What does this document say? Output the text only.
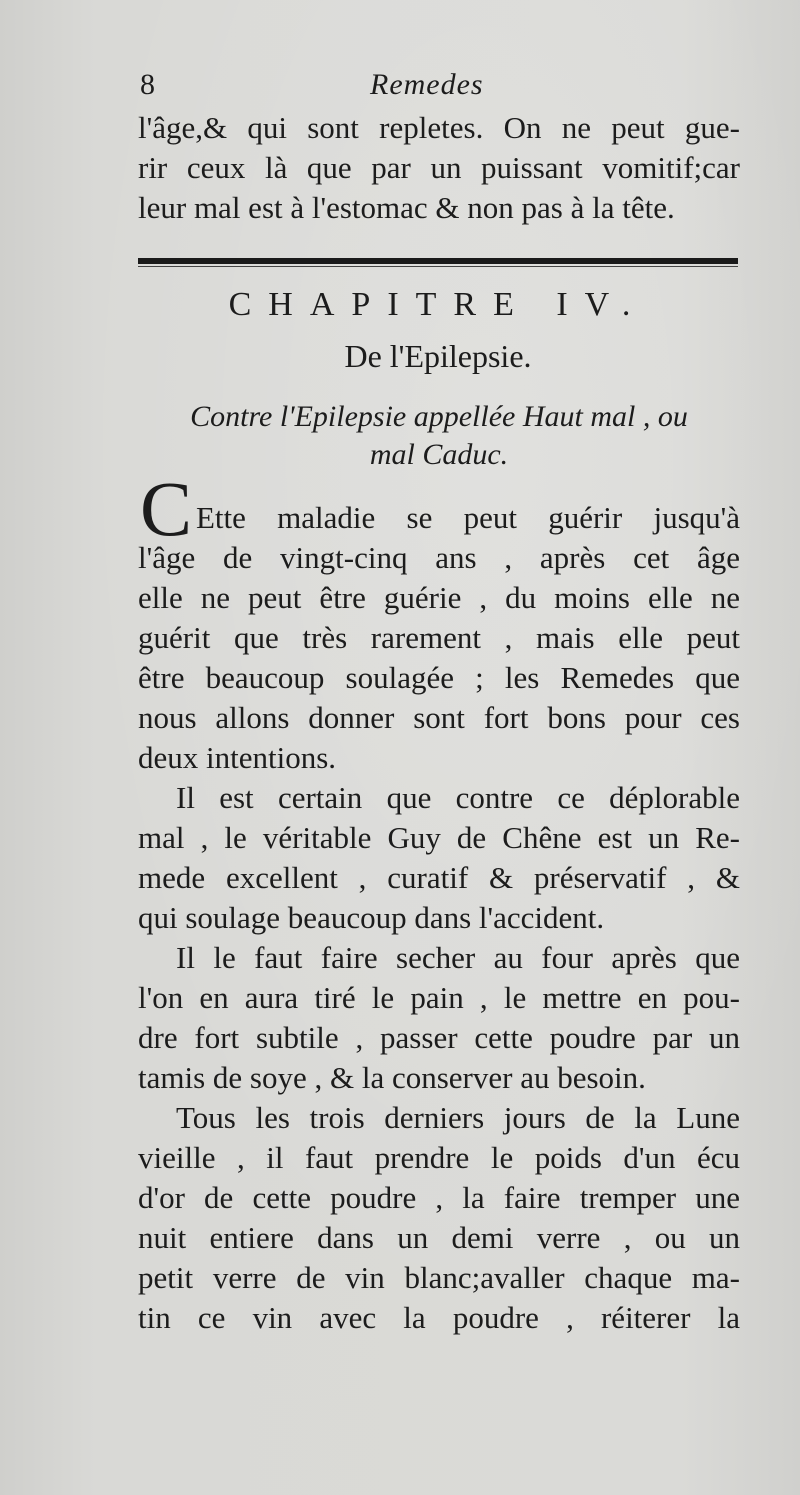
8	Remedes
l'âge,& qui sont repletes. On ne peut gue-
rir ceux là que par un puissant vomitif;car
leur mal est à l'estomac & non pas à la tête.
CHAPITRE IV.
De l'Epilepsie.
Contre l'Epilepsie appellée Haut mal , ou
mal Caduc.
C Ette maladie se peut guérir jusqu'à
l'âge de vingt-cinq ans , après cet âge
elle ne peut être guérie , du moins elle ne
guérit que très rarement , mais elle peut
être beaucoup soulagée ; les Remedes que
nous allons donner sont fort bons pour ces
deux intentions.
Il est certain que contre ce déplorable
mal , le véritable Guy de Chêne est un Re-
mede excellent , curatif & préservatif , &
qui soulage beaucoup dans l'accident.
Il le faut faire secher au four après que
l'on en aura tiré le pain , le mettre en pou-
dre fort subtile , passer cette poudre par un
tamis de soye , & la conserver au besoin.
Tous les trois derniers jours de la Lune
vieille , il faut prendre le poids d'un écu
d'or de cette poudre , la faire tremper une
nuit entiere dans un demi verre , ou un
petit verre de vin blanc;avaller chaque ma-
tin ce vin avec la poudre , réiterer la
